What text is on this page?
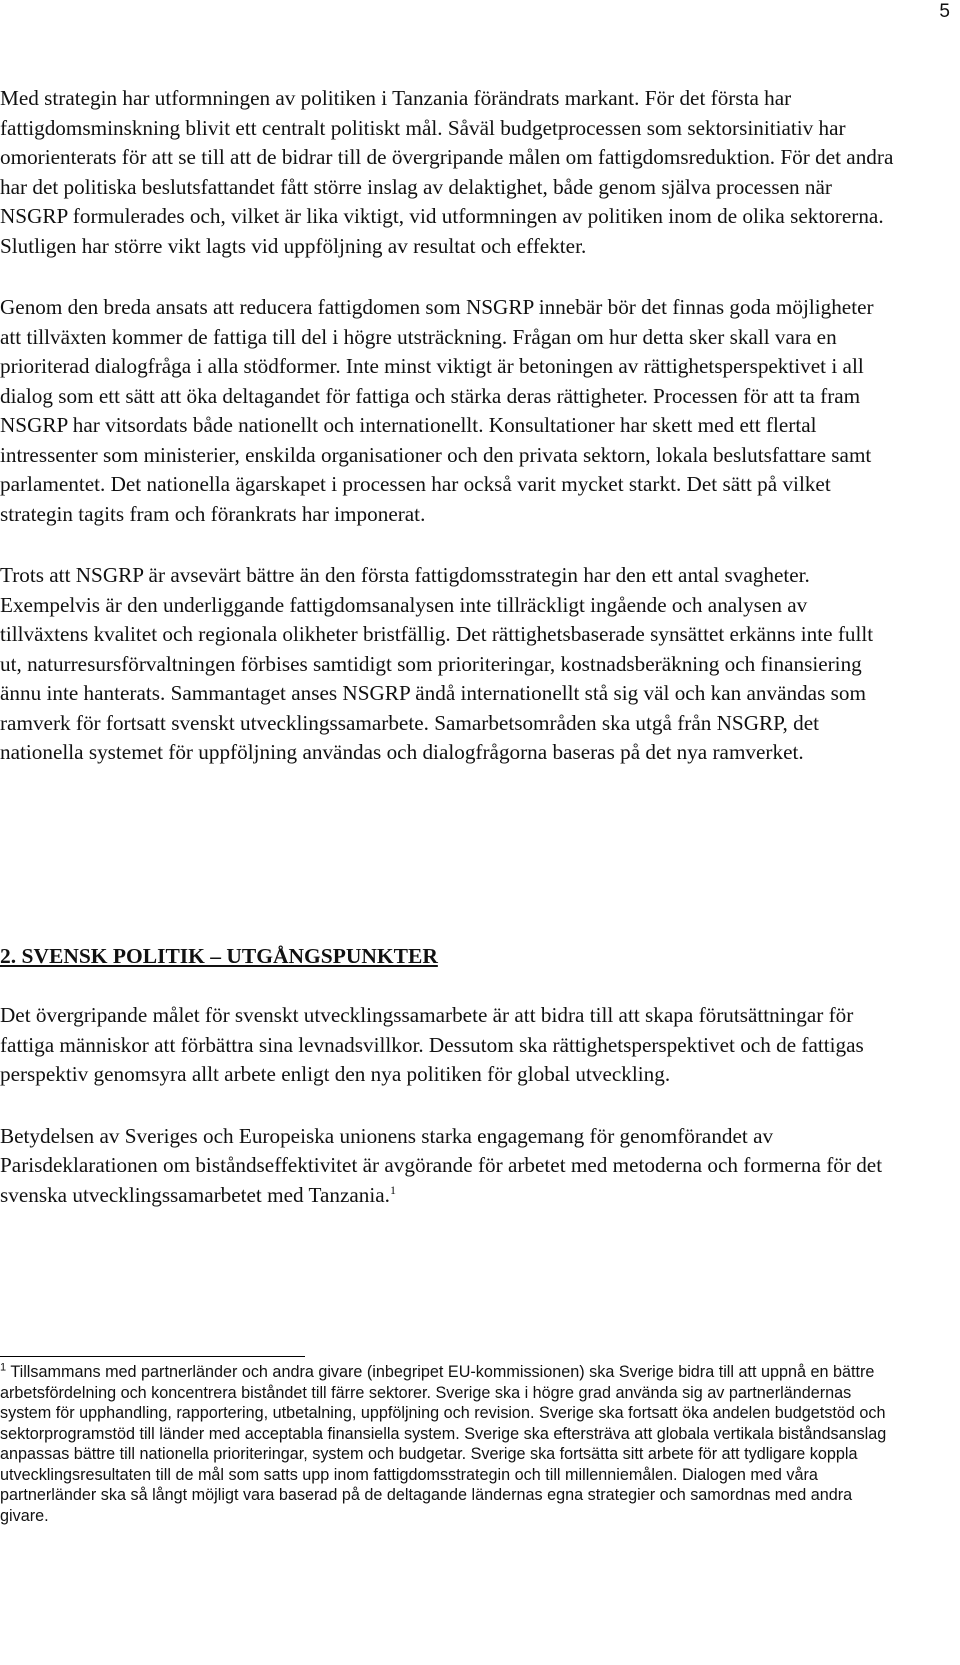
5

Med strategin har utformningen av politiken i Tanzania förändrats markant. För det första har fattigdomsminskning blivit ett centralt politiskt mål. Såväl budgetprocessen som sektorsinitiativ har omorienterats för att se till att de bidrar till de övergripande målen om fattigdomsreduktion. För det andra har det politiska beslutsfattandet fått större inslag av delaktighet, både genom själva processen när NSGRP formulerades och, vilket är lika viktigt, vid utformningen av politiken inom de olika sektorerna. Slutligen har större vikt lagts vid uppföljning av resultat och effekter.

Genom den breda ansats att reducera fattigdomen som NSGRP innebär bör det finnas goda möjligheter att tillväxten kommer de fattiga till del i högre utsträckning. Frågan om hur detta sker skall vara en prioriterad dialogfråga i alla stödformer. Inte minst viktigt är betoningen av rättighetsperspektivet i all dialog som ett sätt att öka deltagandet för fattiga och stärka deras rättigheter. Processen för att ta fram NSGRP har vitsordats både nationellt och internationellt. Konsultationer har skett med ett flertal intressenter som ministerier, enskilda organisationer och den privata sektorn, lokala beslutsfattare samt parlamentet. Det nationella ägarskapet i processen har också varit mycket starkt. Det sätt på vilket strategin tagits fram och förankrats har imponerat.

Trots att NSGRP är avsevärt bättre än den första fattigdomsstrategin har den ett antal svagheter. Exempelvis är den underliggande fattigdomsanalysen inte tillräckligt ingående och analysen av tillväxtens kvalitet och regionala olikheter bristfällig. Det rättighetsbaserade synsättet erkänns inte fullt ut, naturresursförvaltningen förbises samtidigt som prioriteringar, kostnadsberäkning och finansiering ännu inte hanterats. Sammantaget anses NSGRP ändå internationellt stå sig väl och kan användas som ramverk för fortsatt svenskt utvecklingssamarbete. Samarbetsområden ska utgå från NSGRP, det nationella systemet för uppföljning användas och dialogfrågorna baseras på det nya ramverket.

2. SVENSK POLITIK – UTGÅNGSPUNKTER

Det övergripande målet för svenskt utvecklingssamarbete är att bidra till att skapa förutsättningar för fattiga människor att förbättra sina levnadsvillkor. Dessutom ska rättighetsperspektivet och de fattigas perspektiv genomsyra allt arbete enligt den nya politiken för global utveckling.

Betydelsen av Sveriges och Europeiska unionens starka engagemang för genomförandet av Parisdeklarationen om biståndseffektivitet är avgörande för arbetet med metoderna och formerna för det svenska utvecklingssamarbetet med Tanzania.$^1$

$^1$ Tillsammans med partnerländer och andra givare (inbegripet EU-kommissionen) ska Sverige bidra till att uppnå en bättre arbetsfördelning och koncentrera biståndet till färre sektorer. Sverige ska i högre grad använda sig av partnerländernas system för upphandling, rapportering, utbetalning, uppföljning och revision. Sverige ska fortsatt öka andelen budgetstöd och sektorprogramstöd till länder med acceptabla finansiella system. Sverige ska eftersträva att globala vertikala biståndsanslag anpassas bättre till nationella prioriteringar, system och budgetar. Sverige ska fortsätta sitt arbete för att tydligare koppla utvecklingsresultaten till de mål som satts upp inom fattigdomsstrategin och till millenniemålen. Dialogen med våra partnerländer ska så långt möjligt vara baserad på de deltagande ländernas egna strategier och samordnas med andra givare.
